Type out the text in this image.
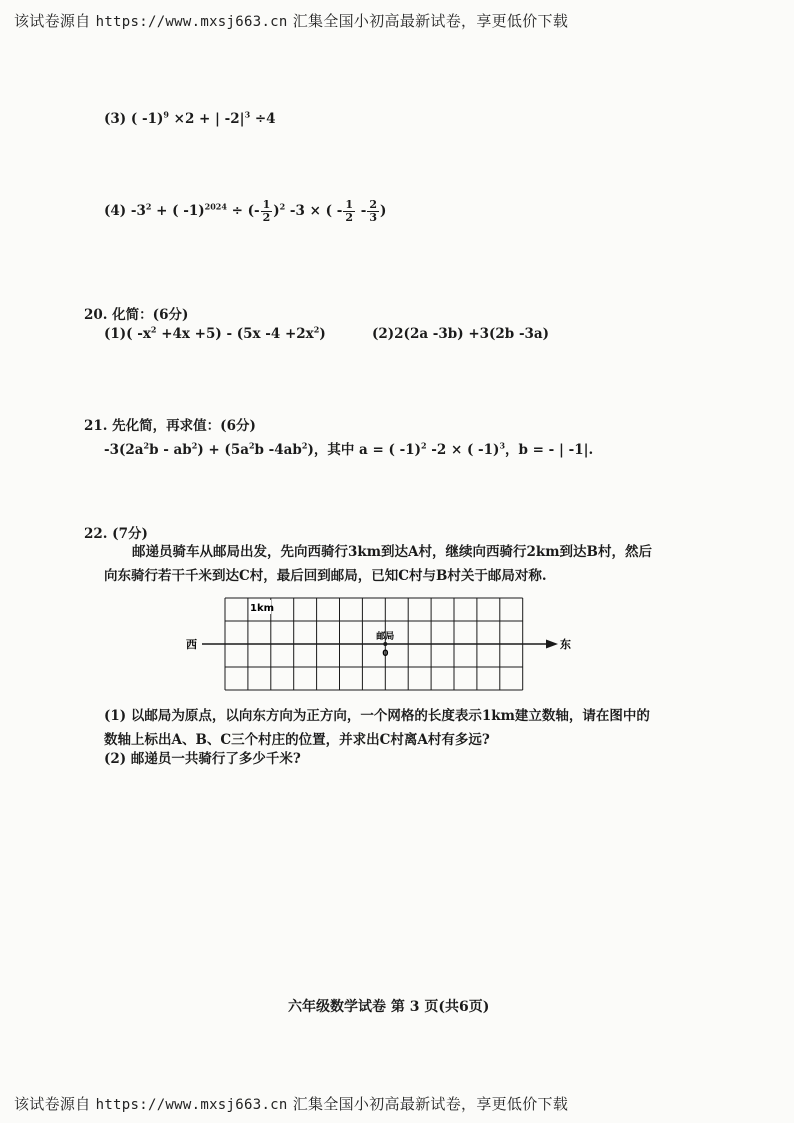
该试卷源自 https://www.mxsj663.cn 汇集全国小初高最新试卷，享更低价下载
(3) ( -1)$^9$ ×2 + | $-2|^3 \div 4$
(4) $-3^2$ + ( -1)$^{2024}$ ÷ (- $\frac{1}{2} )^2$ -3 × ( - $\frac{1}{2} - \frac{2}{3}$ )
20. 化简：(6分)
(1)( $-x^2 +4x +5) - (5x$ $-4 +2x^2$)	(2)2(2a -3b) +3(2b -3a)
21. 先化简，再求值：(6分)
$-3(2a^2b - ab^2) + (5a^2b$ $-4ab^2$)，其中 a = ( -1)$^2$ -2 × ( -1)$^3$，b = - | -1|.
22. (7分)
邮递员骑车从邮局出发，先向西骑行3km到达A村，继续向西骑行2km到达B村，然后向东骑行若干千米到达C村，最后回到邮局，已知C村与B村关于邮局对称.
1km
西	东
邮局
0
(1) 以邮局为原点，以向东方向为正方向，一个网格的长度表示1km建立数轴，请在图中的数轴上标出A、B、C三个村庄的位置，并求出C村离A村有多远?
(2) 邮递员一共骑行了多少千米?
六年级数学试卷 第 3 页(共6页)
该试卷源自 https://www.mxsj663.cn 汇集全国小初高最新试卷，享更低价下载
